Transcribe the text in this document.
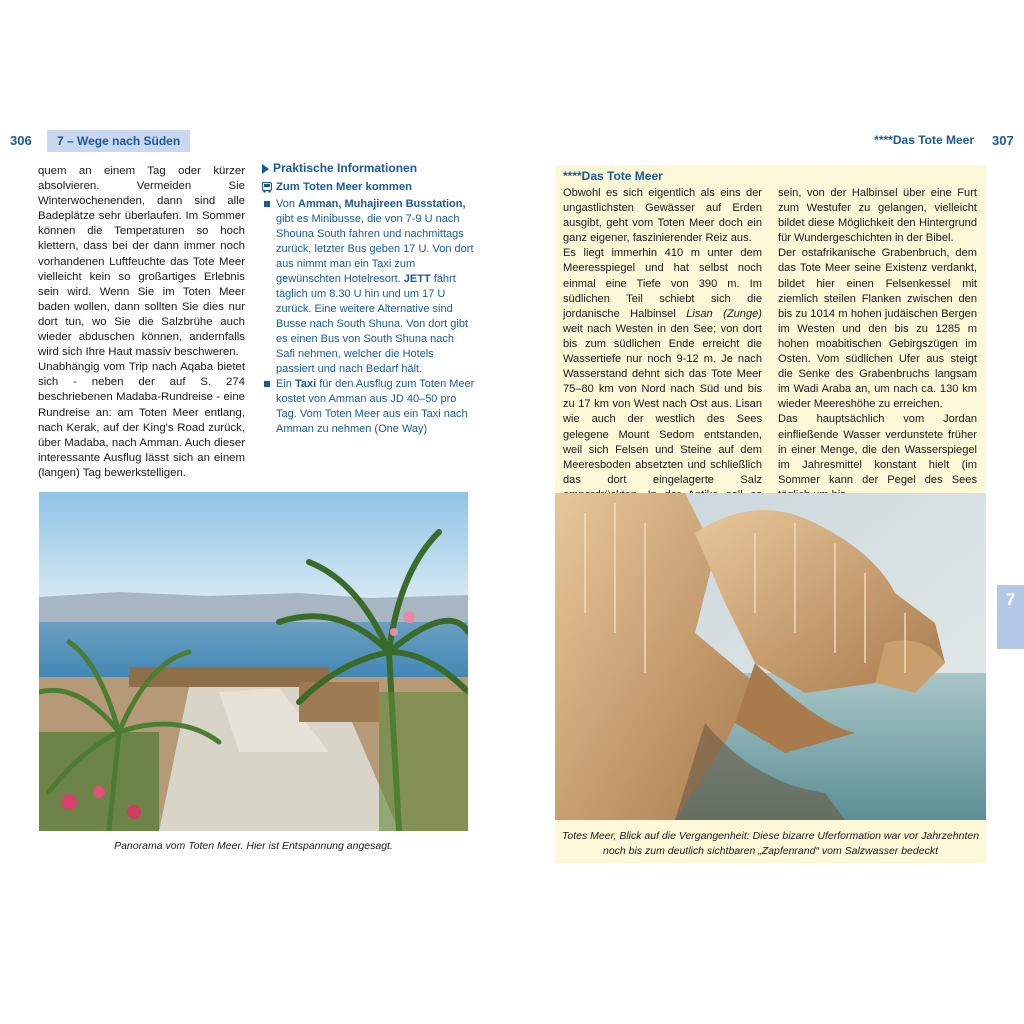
306	7 – Wege nach Süden	****Das Tote Meer 307

quem an einem Tag oder kürzer absolvieren. Vermeiden Sie Winterwochenenden, dann sind alle Badeplätze sehr überlaufen. Im Sommer können die Temperaturen so hoch klettern, dass bei der dann immer noch vorhandenen Luftfeuchte das Tote Meer vielleicht kein so großartiges Erlebnis sein wird. Wenn Sie im Toten Meer baden wollen, dann sollten Sie dies nur dort tun, wo Sie die Salzbrühe auch wieder abduschen können, andernfalls wird sich Ihre Haut massiv beschweren.

Unabhängig vom Trip nach Aqaba bietet sich - neben der auf S. 274 beschriebenen Madaba-Rundreise - eine Rundreise an: am Toten Meer entlang, nach Kerak, auf der King's Road zurück, über Madaba, nach Amman. Auch dieser interessante Ausflug lässt sich an einem (langen) Tag bewerkstelligen.

Praktische Informationen
Zum Toten Meer kommen
Von Amman, Muhajireen Busstation, gibt es Minibusse, die von 7-9 U nach Shouna South fahren und nachmittags zurück, letzter Bus geben 17 U. Von dort aus nimmt man ein Taxi zum gewünschten Hotelresort. JETT fährt täglich um 8.30 U hin und um 17 U zurück. Eine weitere Alternative sind Busse nach South Shuna. Von dort gibt es einen Bus von South Shuna nach Safi nehmen, welcher die Hotels passiert und nach Bedarf hält.
Ein Taxi für den Ausflug zum Toten Meer kostet von Amman aus JD 40–50 pro Tag. Vom Toten Meer aus ein Taxi nach Amman zu nehmen (One Way)
Panorama vom Toten Meer. Hier ist Entspannung angesagt.
****Das Tote Meer

Obwohl es sich eigentlich als eins der ungastlichsten Gewässer auf Erden ausgibt, geht vom Toten Meer doch ein ganz eigener, faszinierender Reiz aus.

Es liegt immerhin 410 m unter dem Meeresspiegel und hat selbst noch einmal eine Tiefe von 390 m. Im südlichen Teil schiebt sich die jordanische Halbinsel Lisan (Zunge) weit nach Westen in den See; von dort bis zum südlichen Ende erreicht die Wassertiefe nur noch 9-12 m. Je nach Wasserstand dehnt sich das Tote Meer 75–80 km von Nord nach Süd und bis zu 17 km von West nach Ost aus. Lisan wie auch der westlich des Sees gelegene Mount Sedom entstanden, weil sich Felsen und Steine auf dem Meeresboden absetzten und schließlich das dort eingelagerte Salz

sein, von der Halbinsel über eine Furt zum Westufer zu gelangen, vielleicht bildet diese Möglichkeit den Hintergrund für Wundergeschichten in der Bibel.

Der ostafrikanische Grabenbruch, dem das Tote Meer seine Existenz verdankt, bildet hier einen Felsenkessel mit ziemlich steilen Flanken zwischen den bis zu 1014 m hohen judäischen Bergen im Westen und den bis zu 1285 m hohen moabitischen Gebirgszügen im Osten. Vom südlichen Ufer aus steigt die Senke des Grabenbruchs langsam im Wadi Araba an, um nach ca. 130 km wieder Meereshöhe zu erreichen.

Das hauptsächlich vom Jordan einfließende Wasser verdunstete früher in einer Menge, die den Wasserspiegel im Jahresmittel konstant hielt (im Sommer kann der Pegel des Sees

Totes Meer, Blick auf die Vergangenheit: Diese bizarre Uferformation war vor Jahrzehnten
noch bis zum deutlich sichtbaren „Zapfenrand“ vom Salzwasser bedeckt
7
